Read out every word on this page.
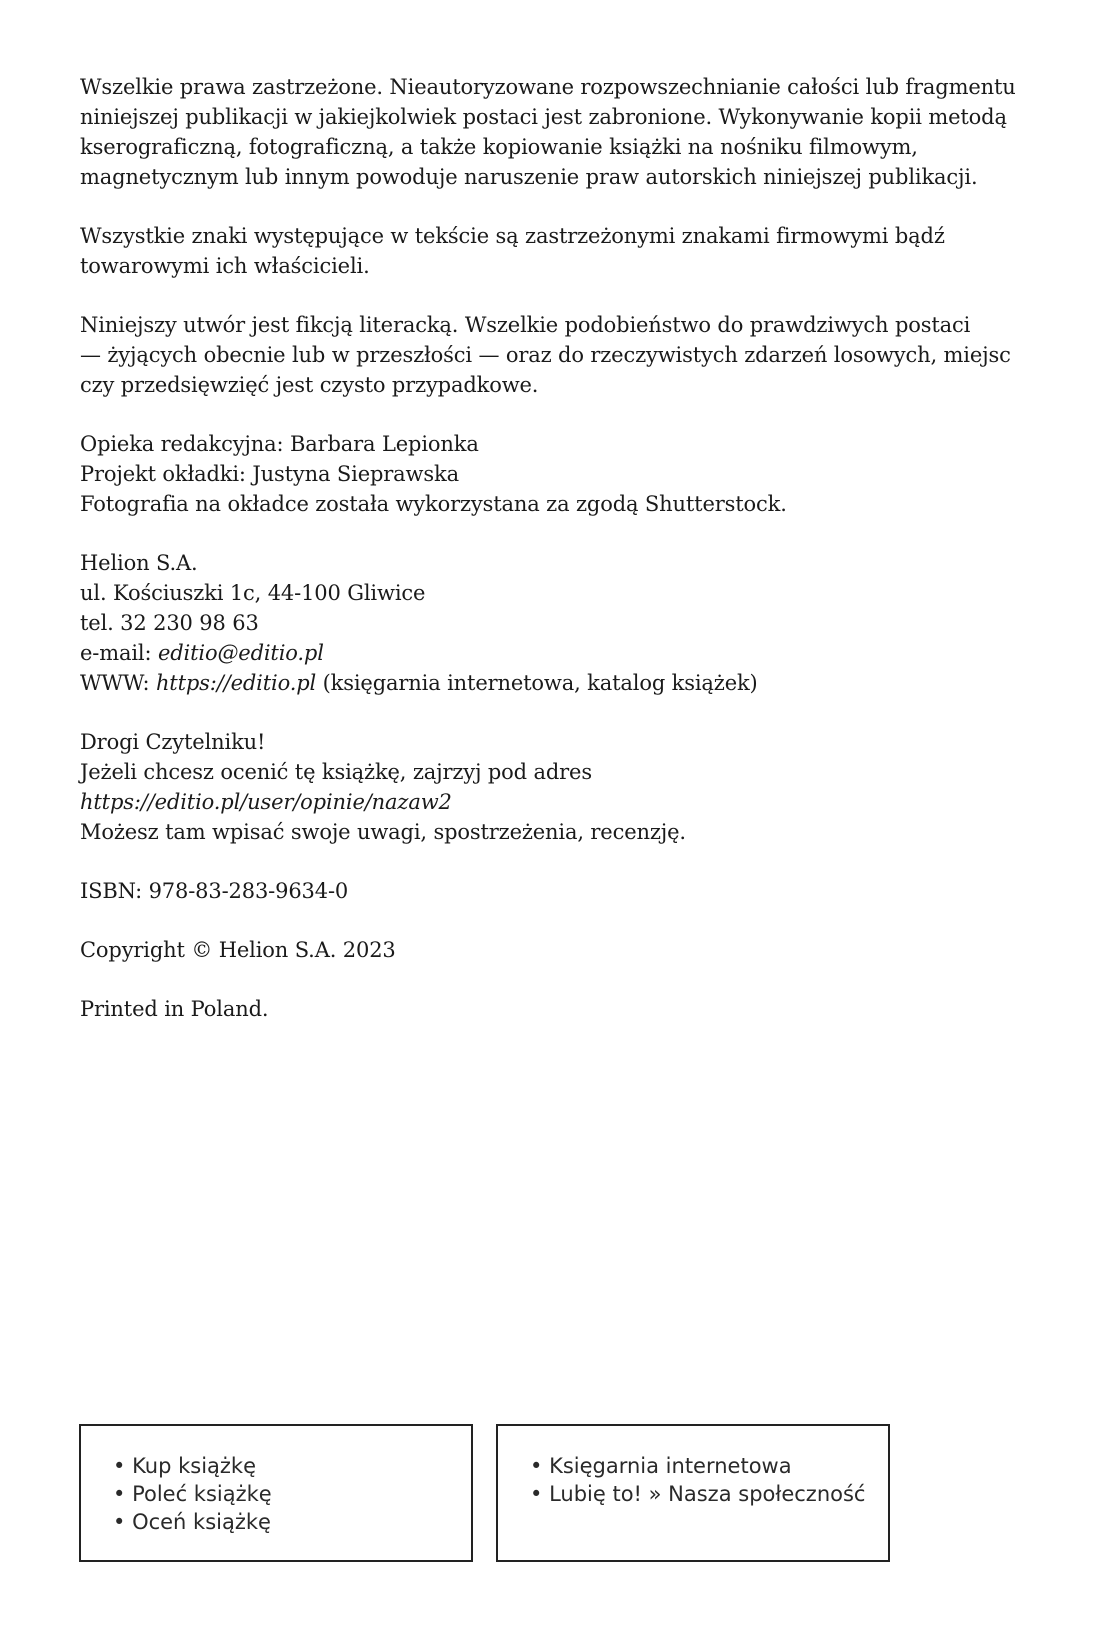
Wszelkie prawa zastrzeżone. Nieautoryzowane rozpowszechnianie całości lub fragmentu
niniejszej publikacji w jakiejkolwiek postaci jest zabronione. Wykonywanie kopii metodą
kserograficzną, fotograficzną, a także kopiowanie książki na nośniku filmowym,
magnetycznym lub innym powoduje naruszenie praw autorskich niniejszej publikacji.

Wszystkie znaki występujące w tekście są zastrzeżonymi znakami firmowymi bądź
towarowymi ich właścicieli.

Niniejszy utwór jest fikcją literacką. Wszelkie podobieństwo do prawdziwych postaci
— żyjących obecnie lub w przeszłości — oraz do rzeczywistych zdarzeń losowych, miejsc
czy przedsięwzięć jest czysto przypadkowe.

Opieka redakcyjna: Barbara Lepionka
Projekt okładki: Justyna Sieprawska
Fotografia na okładce została wykorzystana za zgodą Shutterstock.

Helion S.A.
ul. Kościuszki 1c, 44-100 Gliwice
tel. 32 230 98 63
e-mail: editio@editio.pl
WWW: https://editio.pl (księgarnia internetowa, katalog książek)

Drogi Czytelniku!
Jeżeli chcesz ocenić tę książkę, zajrzyj pod adres
https://editio.pl/user/opinie/nazaw2
Możesz tam wpisać swoje uwagi, spostrzeżenia, recenzję.

ISBN: 978-83-283-9634-0

Copyright © Helion S.A. 2023

Printed in Poland.

• Kup książkę
• Poleć książkę
• Oceń książkę
• Księgarnia internetowa
• Lubię to! » Nasza społeczność
